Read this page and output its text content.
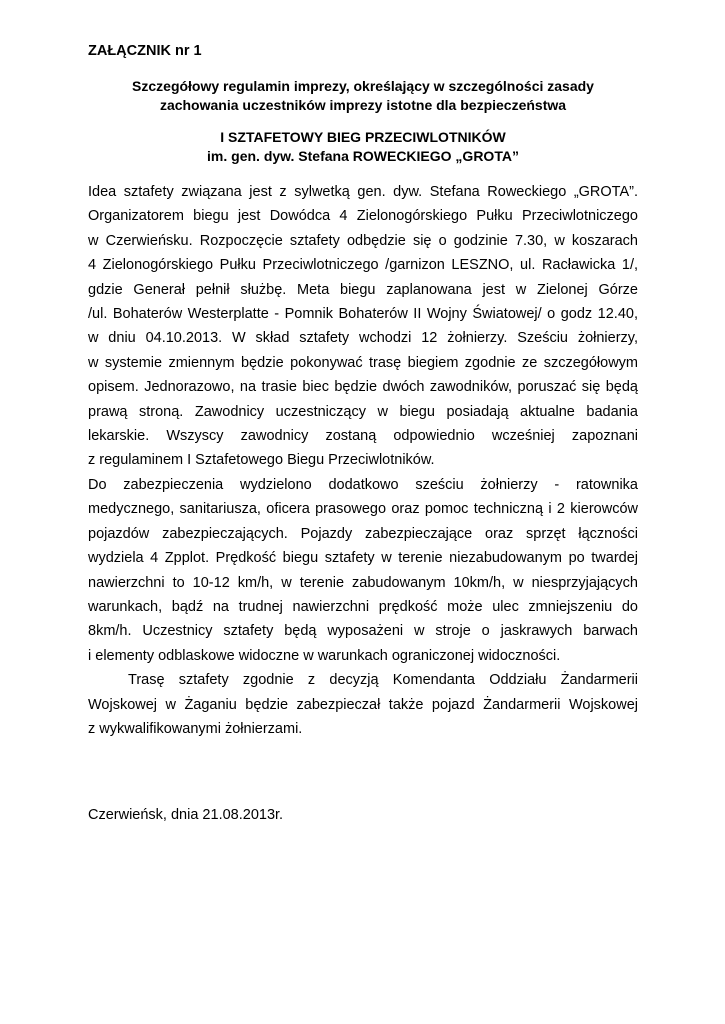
ZAŁĄCZNIK nr 1

Szczegółowy regulamin imprezy, określający w szczególności zasady
zachowania uczestników imprezy istotne dla bezpieczeństwa
I SZTAFETOWY BIEG PRZECIWLOTNIKÓW
im. gen. dyw. Stefana ROWECKIEGO „GROTA”

Idea sztafety związana jest z sylwetką gen. dyw. Stefana Roweckiego „GROTA”.
Organizatorem biegu jest Dowódca 4 Zielonogórskiego Pułku Przeciwlotniczego
w Czerwieńsku. Rozpoczęcie sztafety odbędzie się o godzinie 7.30, w koszarach
4 Zielonogórskiego Pułku Przeciwlotniczego /garnizon LESZNO, ul. Racławicka 1/,
gdzie Generał pełnił służbę. Meta biegu zaplanowana jest w Zielonej Górze
/ul. Bohaterów Westerplatte - Pomnik Bohaterów II Wojny Światowej/ o godz 12.40,
w dniu 04.10.2013. W skład sztafety wchodzi 12 żołnierzy. Sześciu żołnierzy,
w systemie zmiennym będzie pokonywać trasę biegiem zgodnie ze szczegółowym
opisem. Jednorazowo, na trasie biec będzie dwóch zawodników, poruszać się będą
prawą stroną. Zawodnicy uczestniczący w biegu posiadają aktualne badania
lekarskie. Wszyscy zawodnicy zostaną odpowiednio wcześniej zapoznani
z regulaminem I Sztafetowego Biegu Przeciwlotników.

Do zabezpieczenia wydzielono dodatkowo sześciu żołnierzy - ratownika
medycznego, sanitariusza, oficera prasowego oraz pomoc techniczną i 2 kierowców
pojazdów zabezpieczających. Pojazdy zabezpieczające oraz sprzęt łączności
wydziela 4 Zpplot. Prędkość biegu sztafety w terenie niezabudowanym po twardej
nawierzchni to 10-12 km/h, w terenie zabudowanym 10km/h, w niesprzyjających
warunkach, bądź na trudnej nawierzchni prędkość może ulec zmniejszeniu do
8km/h. Uczestnicy sztafety będą wyposażeni w stroje o jaskrawych barwach
i elementy odblaskowe widoczne w warunkach ograniczonej widoczności.

Trasę sztafety zgodnie z decyzją Komendanta Oddziału Żandarmerii
Wojskowej w Żaganiu będzie zabezpieczał także pojazd Żandarmerii Wojskowej
z wykwalifikowanymi żołnierzami.

Czerwieńsk, dnia 21.08.2013r.
